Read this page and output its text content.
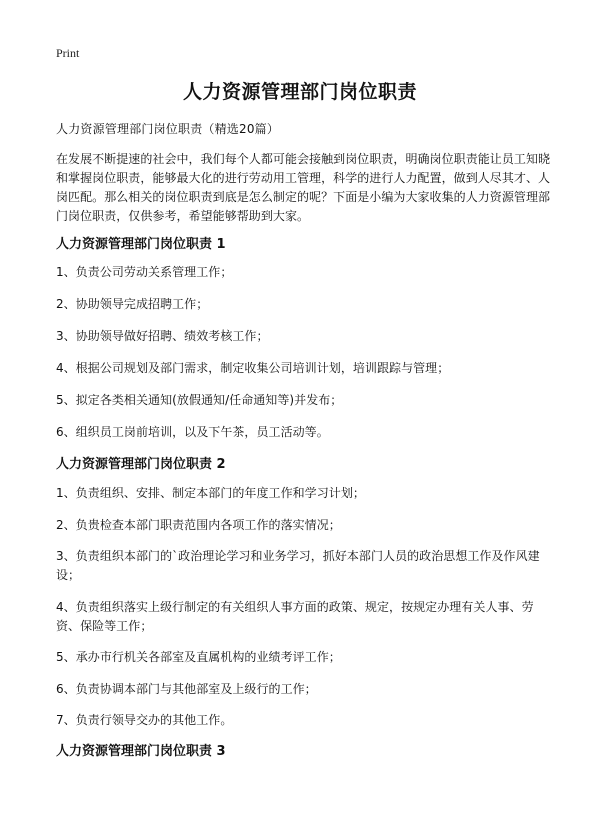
Print
人力资源管理部门岗位职责
人力资源管理部门岗位职责（精选20篇）
在发展不断提速的社会中，我们每个人都可能会接触到岗位职责，明确岗位职责能让员工知晓和掌握岗位职责，能够最大化的进行劳动用工管理，科学的进行人力配置，做到人尽其才、人岗匹配。那么相关的岗位职责到底是怎么制定的呢？下面是小编为大家收集的人力资源管理部门岗位职责，仅供参考，希望能够帮助到大家。
人力资源管理部门岗位职责 1
1、负责公司劳动关系管理工作；
2、协助领导完成招聘工作；
3、协助领导做好招聘、绩效考核工作；
4、根据公司规划及部门需求，制定收集公司培训计划，培训跟踪与管理；
5、拟定各类相关通知(放假通知/任命通知等)并发布；
6、组织员工岗前培训，以及下午茶，员工活动等。
人力资源管理部门岗位职责 2
1、负责组织、安排、制定本部门的年度工作和学习计划；
2、负贵检查本部门职责范围内各项工作的落实情况；
3、负责组织本部门的`政治理论学习和业务学习，抓好本部门人员的政治思想工作及作风建设；
4、负责组织落实上级行制定的有关组织人事方面的政策、规定，按规定办理有关人事、劳资、保险等工作；
5、承办市行机关各部室及直属机构的业绩考评工作；
6、负责协调本部门与其他部室及上级行的工作；
7、负责行领导交办的其他工作。
人力资源管理部门岗位职责 3
